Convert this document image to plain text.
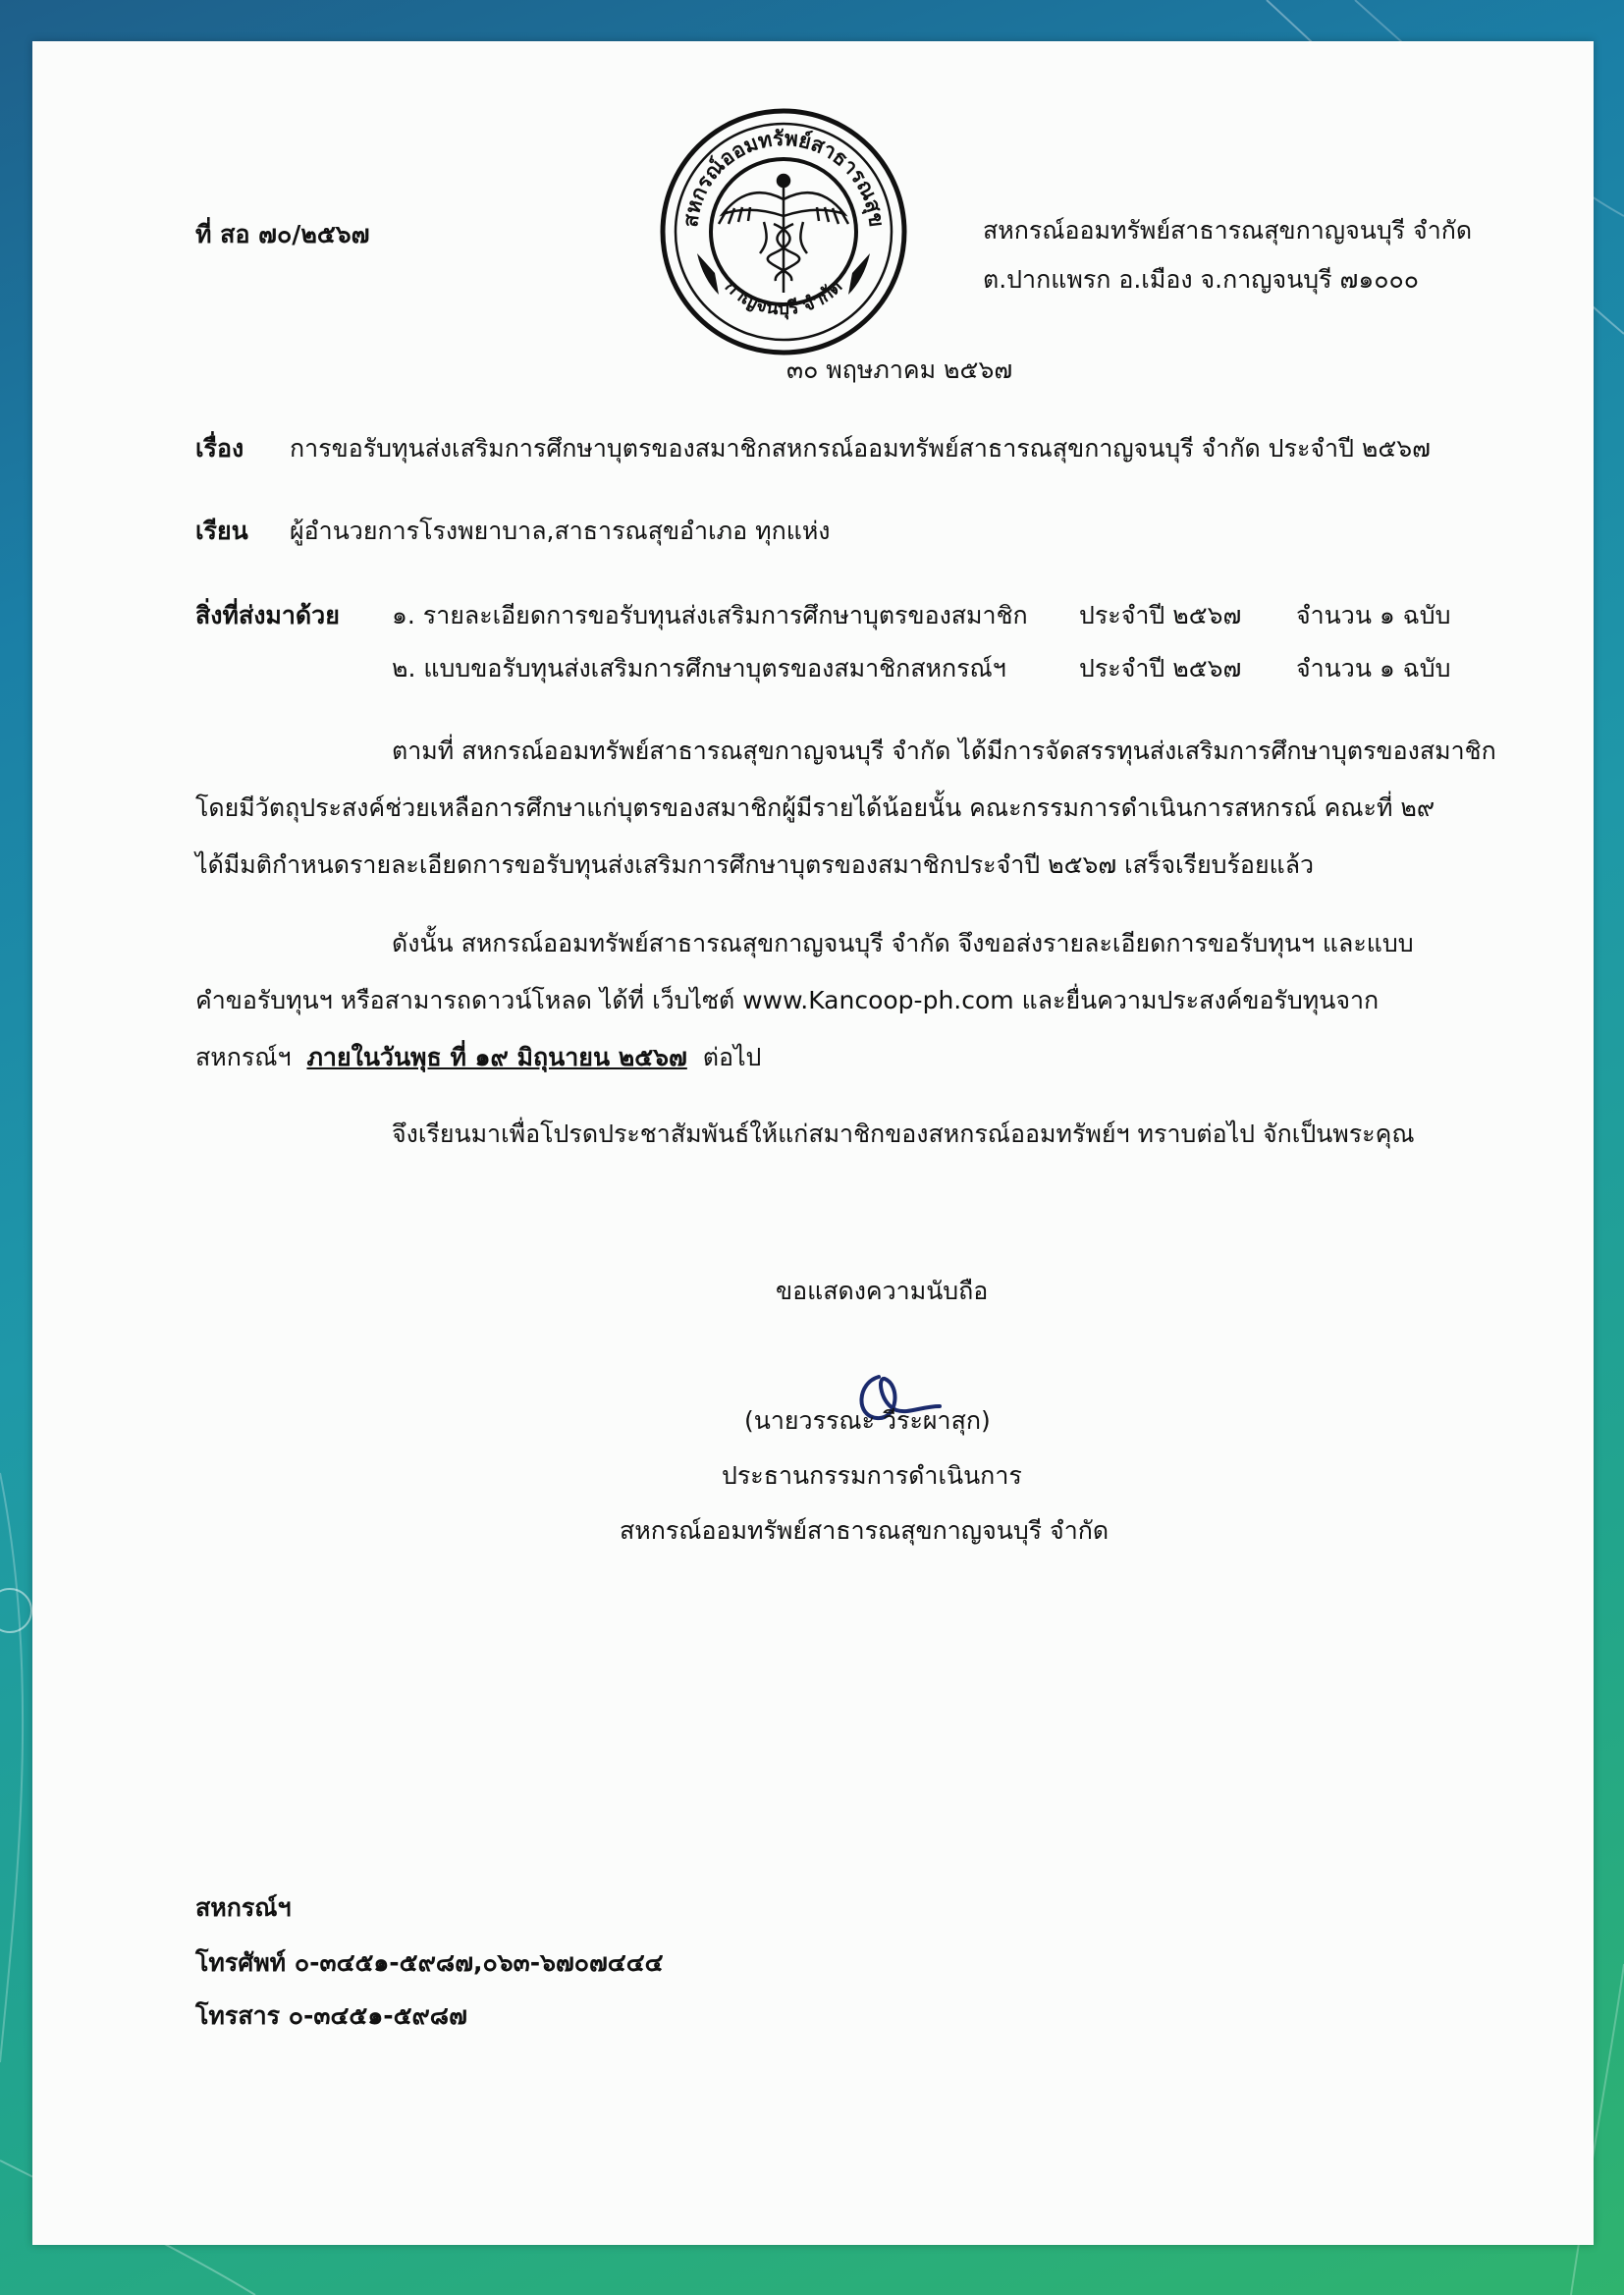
สหกรณ์ออมทรัพย์สาธารณสุข
กาญจนบุรี จำกัด
ที่ สอ ๗๐/๒๕๖๗	สหกรณ์ออมทรัพย์สาธารณสุขกาญจนบุรี จำกัด
ต.ปากแพรก อ.เมือง จ.กาญจนบุรี ๗๑๐๐๐
๓๐ พฤษภาคม ๒๕๖๗
เรื่อง การขอรับทุนส่งเสริมการศึกษาบุตรของสมาชิกสหกรณ์ออมทรัพย์สาธารณสุขกาญจนบุรี จำกัด ประจำปี ๒๕๖๗
เรียน ผู้อำนวยการโรงพยาบาล,สาธารณสุขอำเภอ ทุกแห่ง
สิ่งที่ส่งมาด้วย ๑. รายละเอียดการขอรับทุนส่งเสริมการศึกษาบุตรของสมาชิก ประจำปี ๒๕๖๗ จำนวน ๑ ฉบับ
๒. แบบขอรับทุนส่งเสริมการศึกษาบุตรของสมาชิกสหกรณ์ฯ	ประจำปี ๒๕๖๗ จำนวน ๑ ฉบับ
ตามที่ สหกรณ์ออมทรัพย์สาธารณสุขกาญจนบุรี จำกัด ได้มีการจัดสรรทุนส่งเสริมการศึกษาบุตรของสมาชิก
โดยมีวัตถุประสงค์ช่วยเหลือการศึกษาแก่บุตรของสมาชิกผู้มีรายได้น้อยนั้น คณะกรรมการดำเนินการสหกรณ์ คณะที่ ๒๙
ได้มีมติกำหนดรายละเอียดการขอรับทุนส่งเสริมการศึกษาบุตรของสมาชิกประจำปี ๒๕๖๗ เสร็จเรียบร้อยแล้ว
ดังนั้น สหกรณ์ออมทรัพย์สาธารณสุขกาญจนบุรี จำกัด จึงขอส่งรายละเอียดการขอรับทุนฯ และแบบ
คำขอรับทุนฯ หรือสามารถดาวน์โหลด ได้ที่ เว็บไซต์ www.Kancoop-ph.com และยื่นความประสงค์ขอรับทุนจาก
สหกรณ์ฯ ภายในวันพุธ ที่ ๑๙ มิถุนายน ๒๕๖๗ ต่อไป
จึงเรียนมาเพื่อโปรดประชาสัมพันธ์ให้แก่สมาชิกของสหกรณ์ออมทรัพย์ฯ ทราบต่อไป จักเป็นพระคุณ
ขอแสดงความนับถือ
(นายวรรณะ วีระผาสุก)
ประธานกรรมการดำเนินการ
สหกรณ์ออมทรัพย์สาธารณสุขกาญจนบุรี จำกัด
สหกรณ์ฯ
โทรศัพท์ ๐-๓๔๕๑-๕๙๘๗,๐๖๓-๖๗๐๗๔๔๔
โทรสาร ๐-๓๔๕๑-๕๙๘๗
